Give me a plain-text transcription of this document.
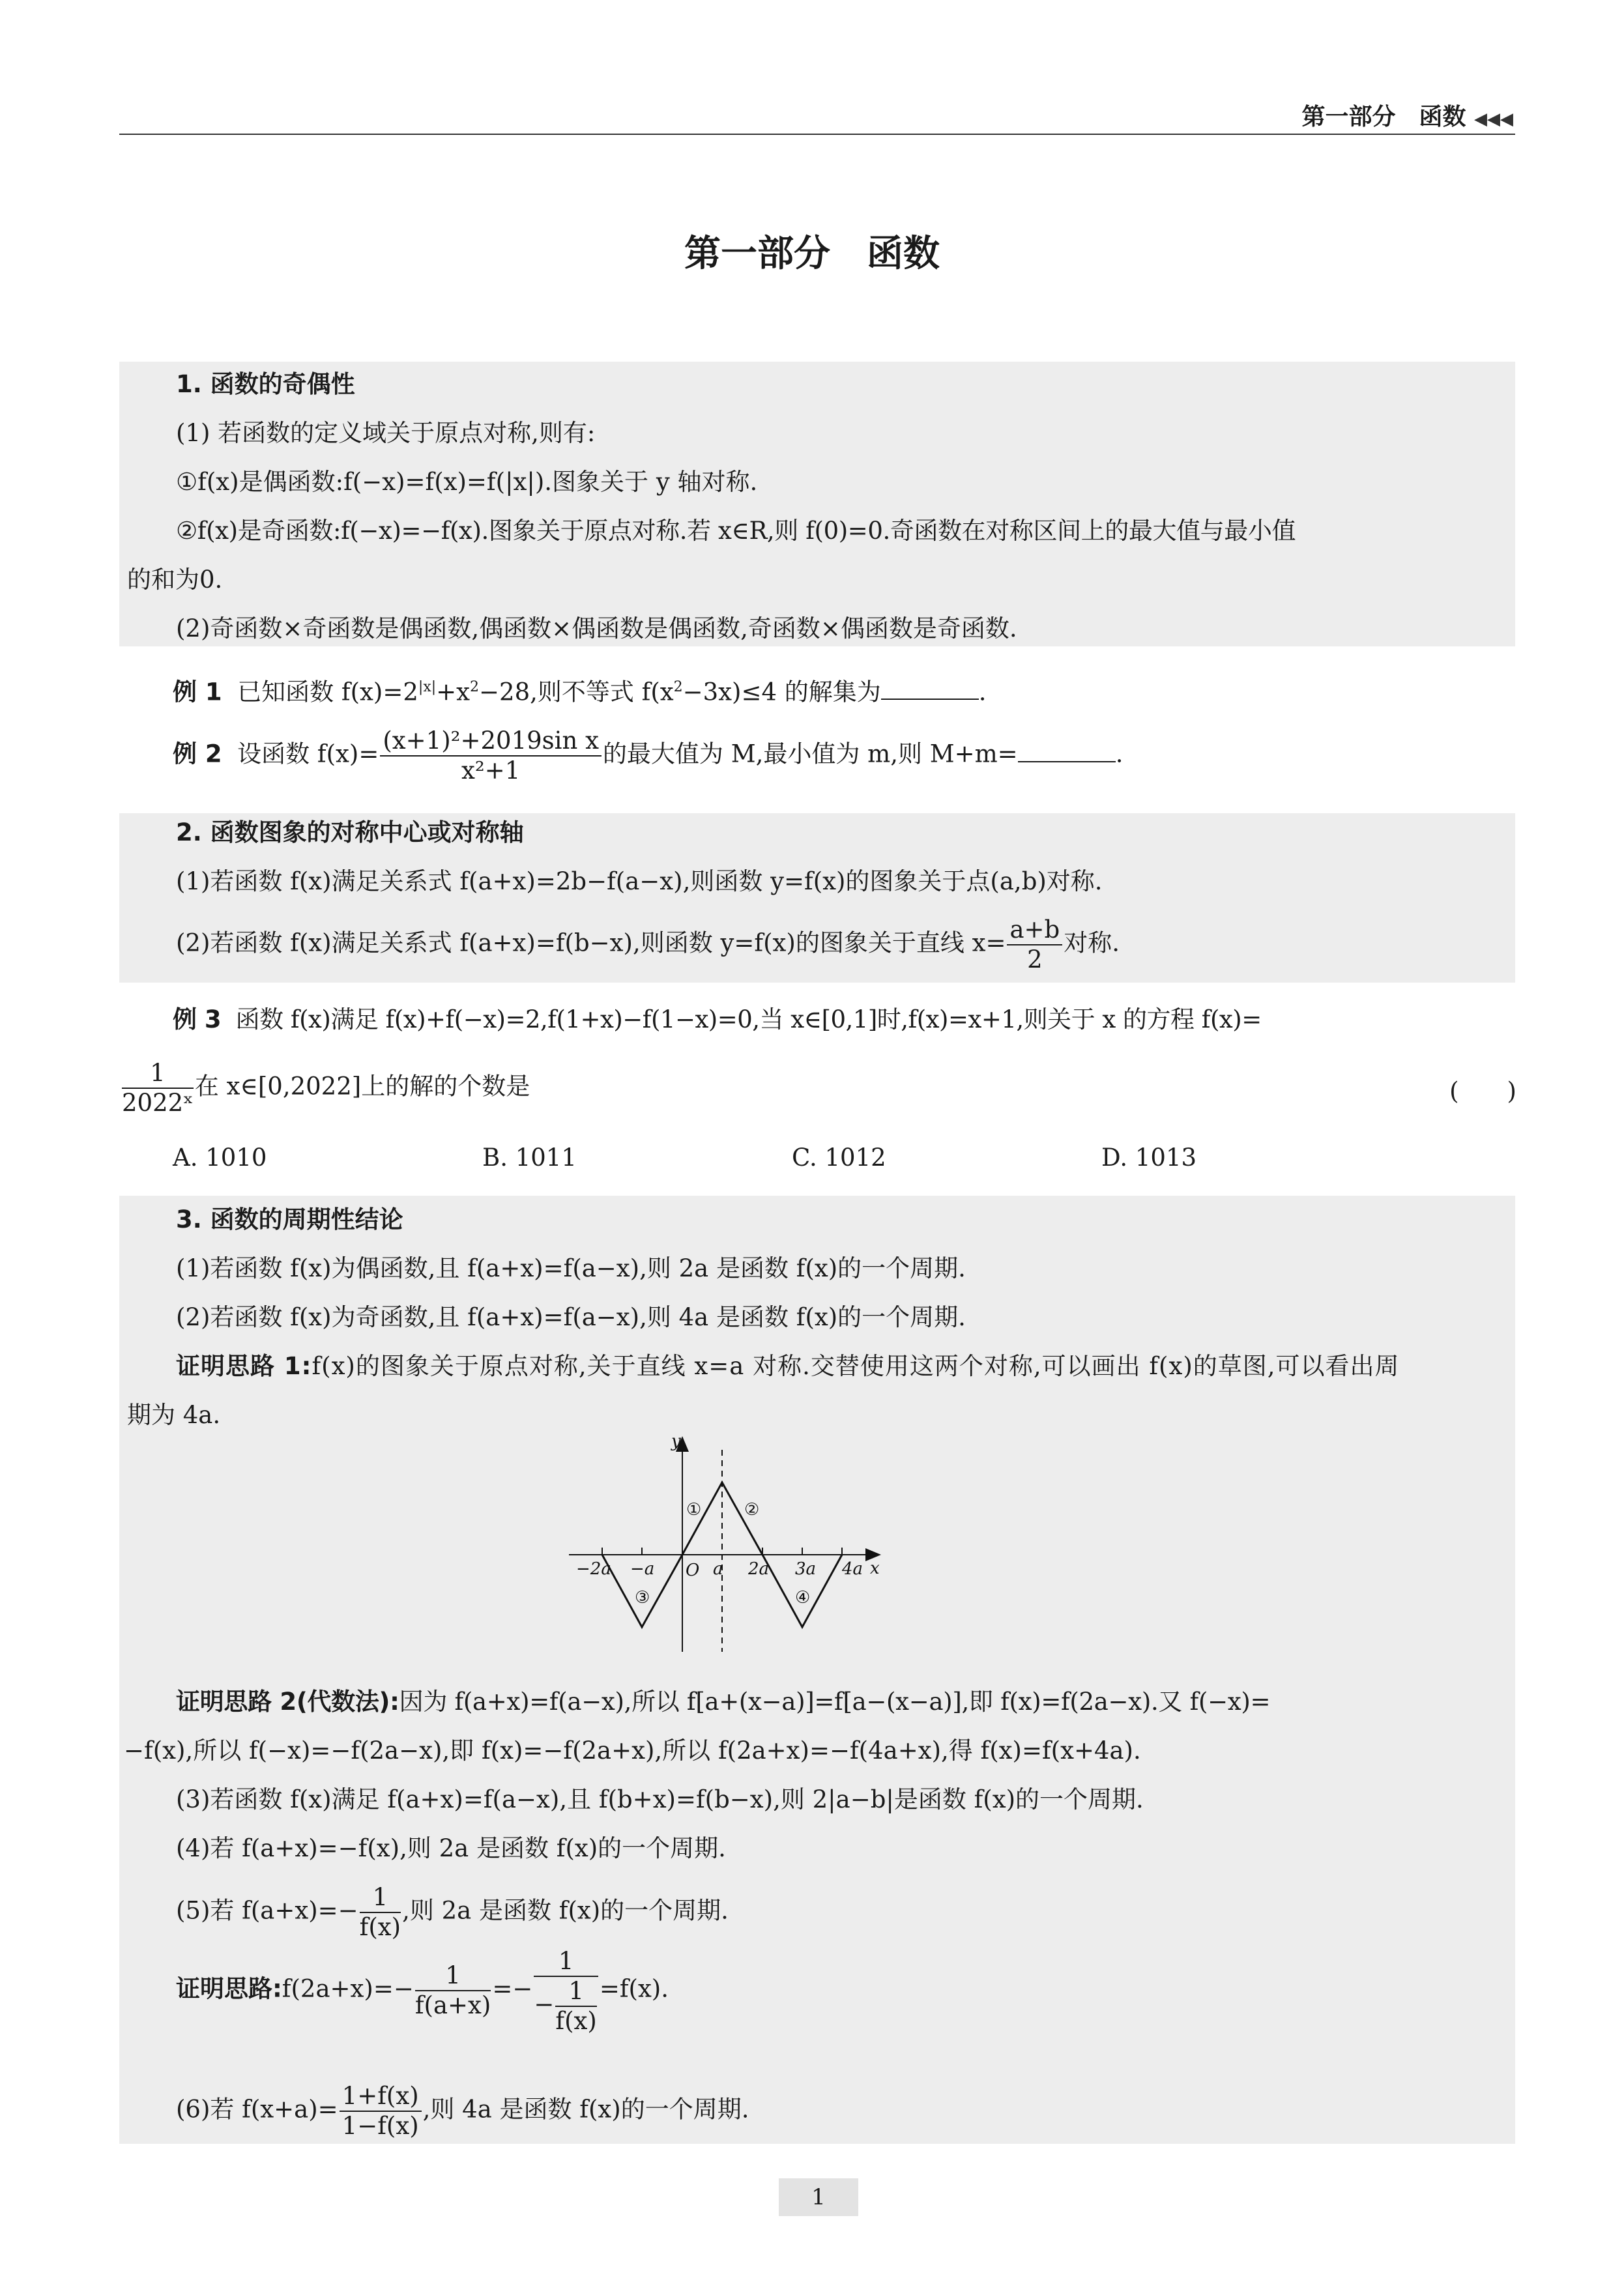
第一部分　函数 ◀◀◀
第一部分　函数
1. 函数的奇偶性
(1) 若函数的定义域关于原点对称,则有:
①f(x)是偶函数:f(−x)=f(x)=f(|x|).图象关于 y 轴对称.
②f(x)是奇函数:f(−x)=−f(x).图象关于原点对称.若 x∈R,则 f(0)=0.奇函数在对称区间上的最大值与最小值
的和为0.
(2)奇函数×奇函数是偶函数,偶函数×偶函数是偶函数,奇函数×偶函数是奇函数.
例 1 已知函数 $f(x)=2^{|x|}+x^2-28$,则不等式 $f(x^2-3x)\le 4$ 的解集为	.
例 2 设函数 $f(x)= \frac{\text{(x+1)²+2019sin x}}{\text{x²+1}}$ 的最大值为 M,最小值为 m,则 M+m=	.
2. 函数图象的对称中心或对称轴
(1)若函数 f(x)满足关系式 f(a+x)=2b−f(a−x),则函数 y=f(x)的图象关于点(a,b)对称.
(2)若函数 f(x)满足关系式 f(a+x)=f(b−x),则函数 y=f(x)的图象关于直线 $x= \frac{a+b}{2}$ 对称.
例 3 函数 f(x)满足 f(x)+f(−x)=2,f(1+x)−f(1−x)=0,当 x∈[0,1]时,f(x)=x+1,则关于 x 的方程 f(x)=
$\frac{1}{\text{2022ˣ}}$ 在 x∈[0,2022]上的解的个数是	(　　)
A. 1010	B. 1011	C. 1012	D. 1013
3. 函数的周期性结论
(1)若函数 f(x)为偶函数,且 f(a+x)=f(a−x),则 2a 是函数 f(x)的一个周期.
(2)若函数 f(x)为奇函数,且 f(a+x)=f(a−x),则 4a 是函数 f(x)的一个周期.
证明思路 1:f(x)的图象关于原点对称,关于直线 x=a 对称.交替使用这两个对称,可以画出 f(x)的草图,可以看出周
期为 4a.
y
x
O
−2a −a	a 2a 3a 4a
①	②
③	④
证明思路 2(代数法):因为 f(a+x)=f(a−x),所以 f[a+(x−a)]=f[a−(x−a)],即 f(x)=f(2a−x).又 f(−x)=
−f(x),所以 f(−x)=−f(2a−x),即 f(x)=−f(2a+x),所以 f(2a+x)=−f(4a+x),得 f(x)=f(x+4a).
(3)若函数 f(x)满足 f(a+x)=f(a−x),且 f(b+x)=f(b−x),则 2|a−b|是函数 f(x)的一个周期.
(4)若 f(a+x)=−f(x),则 2a 是函数 f(x)的一个周期.
(5)若 $f(a+x)=- \frac{1}{f(x)}$ ,则 2a 是函数 f(x)的一个周期.
证明思路:f(2a+x)=− $\frac{1}{f(a+x)} =- \frac{1}{- \frac{1}{f(x)}} =f(x)$.
(6)若 $f(x+a)= \frac{1+f(x)}{1-f(x)}$ ,则 4a 是函数 f(x)的一个周期.
1
